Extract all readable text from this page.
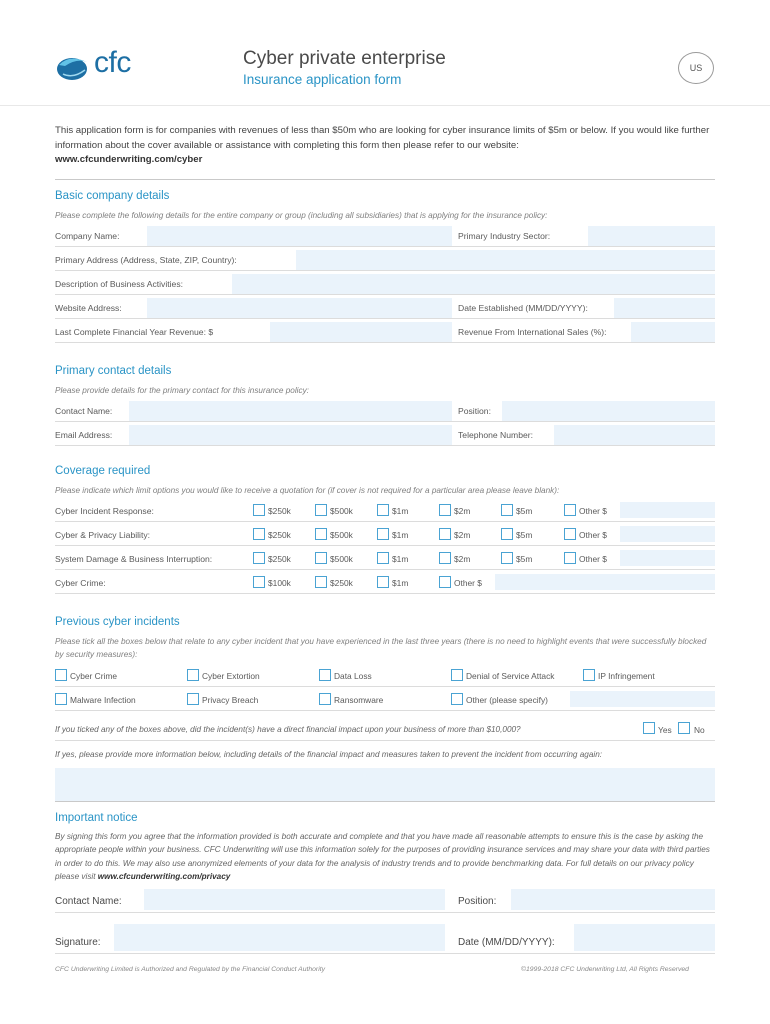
cfc	Cyber private enterprise
Insurance application form
US
This application form is for companies with revenues of less than $50m who are looking for cyber insurance limits of $5m or below. If you would like further information about the cover available or assistance with completing this form then please refer to our website:
www.cfcunderwriting.com/cyber
Basic company details
Please complete the following details for the entire company or group (including all subsidiaries) that is applying for the insurance policy:
Company Name:	Primary Industry Sector:
Primary Address (Address, State, ZIP, Country):
Description of Business Activities:
Website Address:	Date Established (MM/DD/YYYY):
Last Complete Financial Year Revenue: $	Revenue From International Sales (%):
Primary contact details
Please provide details for the primary contact for this insurance policy:
Contact Name:	Position:
Email Address:	Telephone Number:
Coverage required
Please indicate which limit options you would like to receive a quotation for (if cover is not required for a particular area please leave blank):
Cyber Incident Response:	$250k	$500k	$1m	$2m	$5m	Other $
Cyber & Privacy Liability:	$250k	$500k	$1m	$2m	$5m	Other $
System Damage & Business Interruption:	$250k	$500k	$1m	$2m	$5m	Other $
Cyber Crime:	$100k	$250k	$1m	Other $
Previous cyber incidents
Please tick all the boxes below that relate to any cyber incident that you have experienced in the last three years (there is no need to highlight events that were successfully blocked by security measures):
Cyber Crime	Cyber Extortion	Data Loss	Denial of Service Attack	IP Infringement
Malware Infection	Privacy Breach	Ransomware	Other (please specify)
If you ticked any of the boxes above, did the incident(s) have a direct financial impact upon your business of more than $10,000?	Yes	No
If yes, please provide more information below, including details of the financial impact and measures taken to prevent the incident from occurring again:
Important notice
By signing this form you agree that the information provided is both accurate and complete and that you have made all reasonable attempts to ensure this is the case by asking the appropriate people within your business. CFC Underwriting will use this information solely for the purposes of providing insurance services and may share your data with third parties in order to do this. We may also use anonymized elements of your data for the analysis of industry trends and to provide benchmarking data. For full details on our privacy policy please visit www.cfcunderwriting.com/privacy
Contact Name:	Position:
Signature:	Date (MM/DD/YYYY):
CFC Underwriting Limited is Authorized and Regulated by the Financial Conduct Authority	©1999-2018 CFC Underwriting Ltd, All Rights Reserved
